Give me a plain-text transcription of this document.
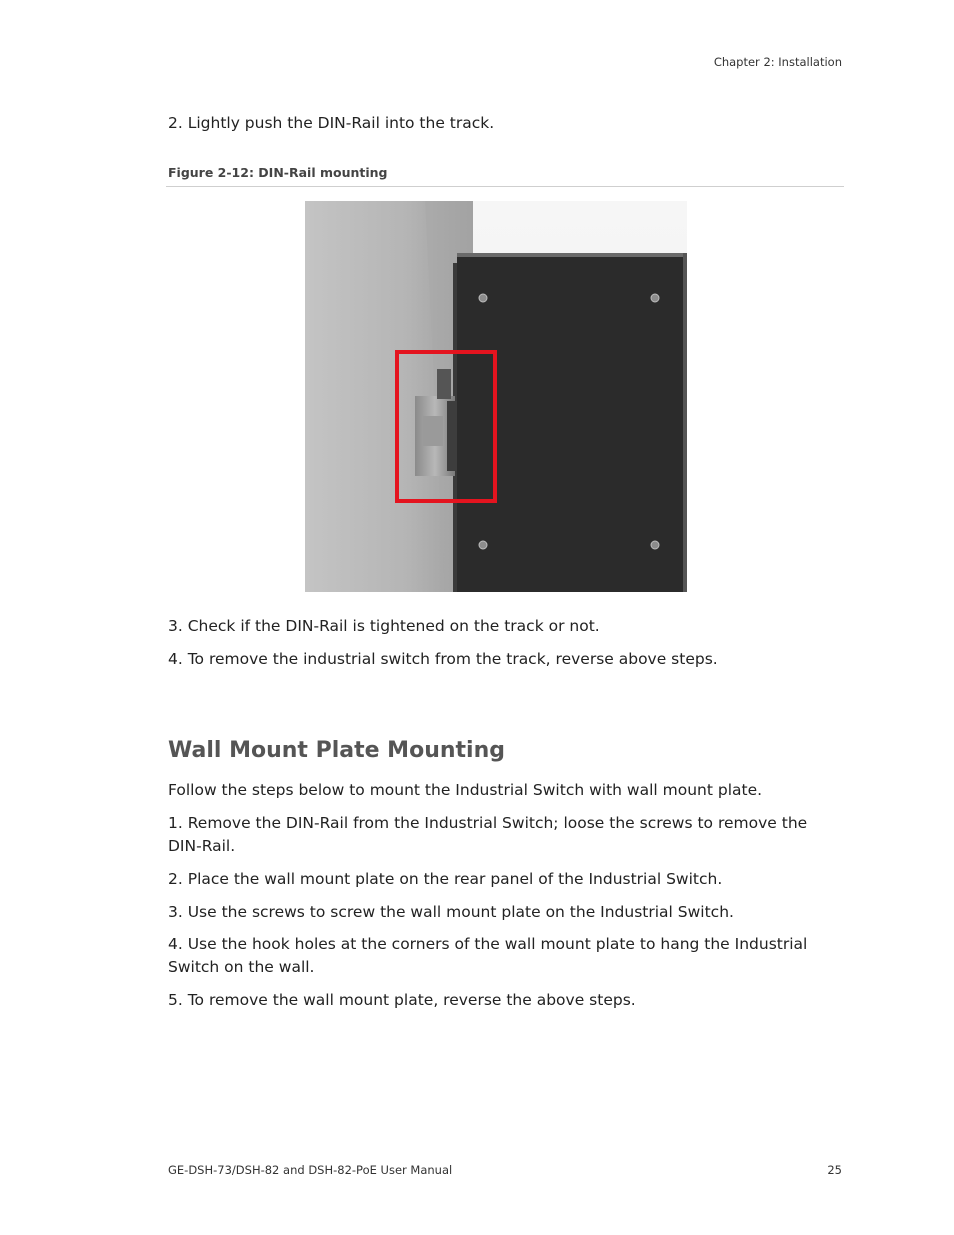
Chapter 2: Installation
2. Lightly push the DIN-Rail into the track.
Figure 2-12: DIN-Rail mounting
3. Check if the DIN-Rail is tightened on the track or not.
4. To remove the industrial switch from the track, reverse above steps.
Wall Mount Plate Mounting
Follow the steps below to mount the Industrial Switch with wall mount plate.
1. Remove the DIN-Rail from the Industrial Switch; loose the screws to remove the DIN-Rail.
2. Place the wall mount plate on the rear panel of the Industrial Switch.
3. Use the screws to screw the wall mount plate on the Industrial Switch.
4. Use the hook holes at the corners of the wall mount plate to hang the Industrial Switch on the wall.
5. To remove the wall mount plate, reverse the above steps.
GE-DSH-73/DSH-82 and DSH-82-PoE User Manual	25
